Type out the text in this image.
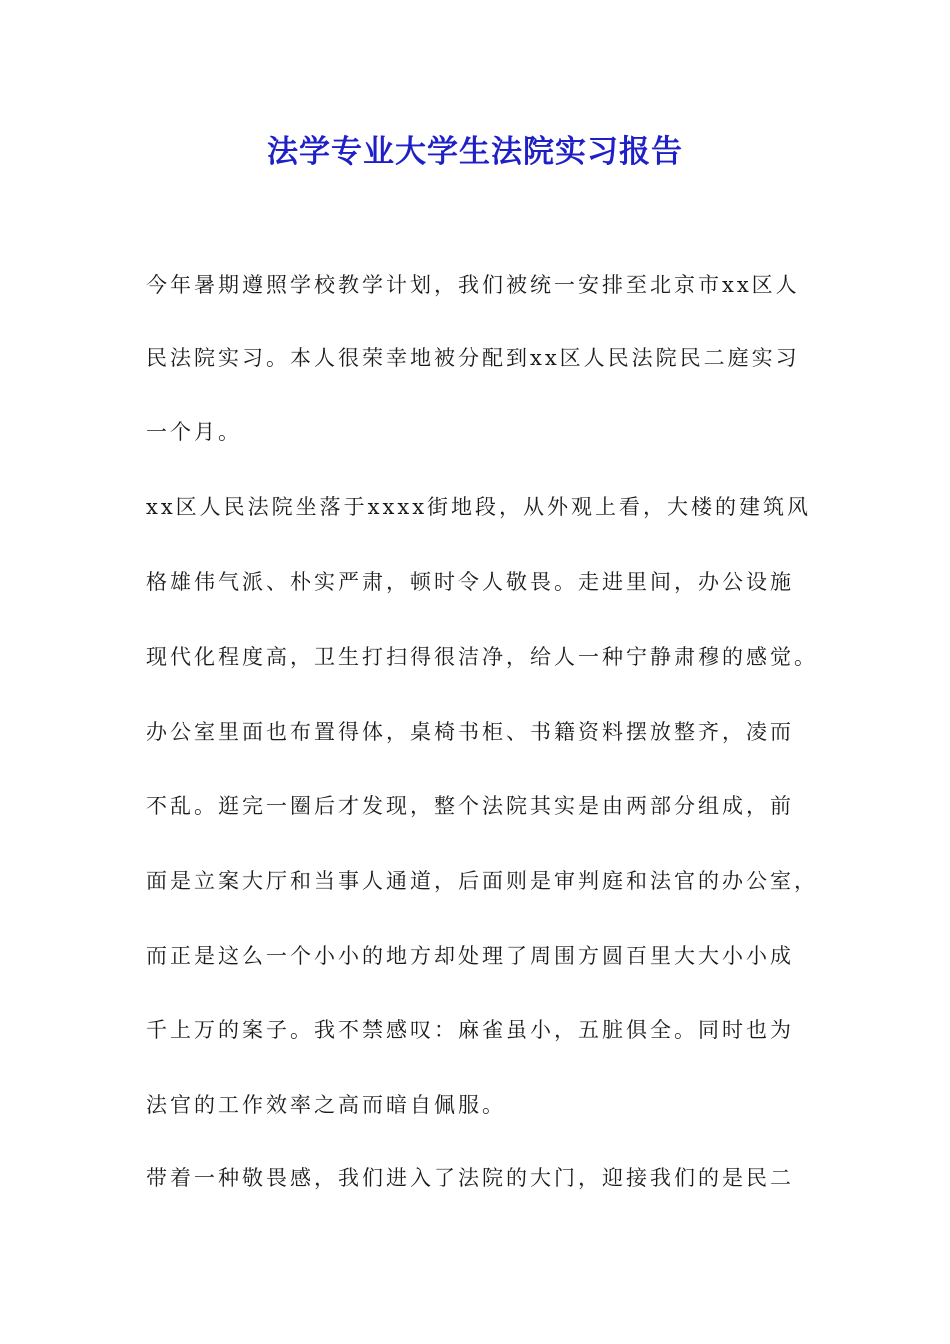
法学专业大学生法院实习报告

今年暑期遵照学校教学计划，我们被统一安排至北京市xx区人

民法院实习。本人很荣幸地被分配到xx区人民法院民二庭实习

一个月。

xx区人民法院坐落于xxxx街地段，从外观上看，大楼的建筑风

格雄伟气派、朴实严肃，顿时令人敬畏。走进里间，办公设施

现代化程度高，卫生打扫得很洁净，给人一种宁静肃穆的感觉。

办公室里面也布置得体，桌椅书柜、书籍资料摆放整齐，凌而

不乱。逛完一圈后才发现，整个法院其实是由两部分组成，前

面是立案大厅和当事人通道，后面则是审判庭和法官的办公室，

而正是这么一个小小的地方却处理了周围方圆百里大大小小成

千上万的案子。我不禁感叹：麻雀虽小，五脏俱全。同时也为

法官的工作效率之高而暗自佩服。

带着一种敬畏感，我们进入了法院的大门，迎接我们的是民二
